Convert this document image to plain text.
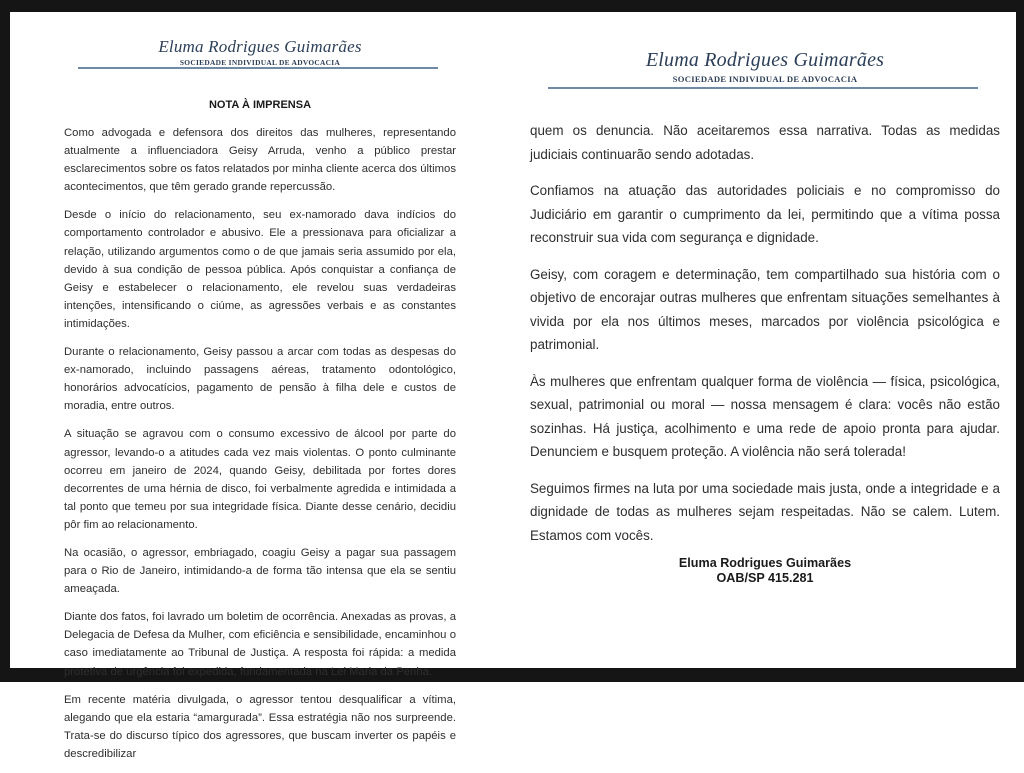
Eluma Rodrigues Guimarães
SOCIEDADE INDIVIDUAL DE ADVOCACIA	Eluma Rodrigues Guimarães
SOCIEDADE INDIVIDUAL DE ADVOCACIA
NOTA À IMPRENSA

Como advogada e defensora dos direitos das mulheres, representando atualmente a influenciadora Geisy Arruda, venho a público prestar esclarecimentos sobre os fatos relatados por minha cliente acerca dos últimos acontecimentos, que têm gerado grande repercussão.

Desde o início do relacionamento, seu ex-namorado dava indícios do comportamento controlador e abusivo. Ele a pressionava para oficializar a relação, utilizando argumentos como o de que jamais seria assumido por ela, devido à sua condição de pessoa pública. Após conquistar a confiança de Geisy e estabelecer o relacionamento, ele revelou suas verdadeiras intenções, intensificando o ciúme, as agressões verbais e as constantes intimidações.

Durante o relacionamento, Geisy passou a arcar com todas as despesas do ex-namorado, incluindo passagens aéreas, tratamento odontológico, honorários advocatícios, pagamento de pensão à filha dele e custos de moradia, entre outros.

A situação se agravou com o consumo excessivo de álcool por parte do agressor, levando-o a atitudes cada vez mais violentas. O ponto culminante ocorreu em janeiro de 2024, quando Geisy, debilitada por fortes dores decorrentes de uma hérnia de disco, foi verbalmente agredida e intimidada a tal ponto que temeu por sua integridade física. Diante desse cenário, decidiu pôr fim ao relacionamento.

Na ocasião, o agressor, embriagado, coagiu Geisy a pagar sua passagem para o Rio de Janeiro, intimidando-a de forma tão intensa que ela se sentiu ameaçada.

Diante dos fatos, foi lavrado um boletim de ocorrência. Anexadas as provas, a Delegacia de Defesa da Mulher, com eficiência e sensibilidade, encaminhou o caso imediatamente ao Tribunal de Justiça. A resposta foi rápida: a medida protetiva de urgência foi expedida, fundamentada na Lei Maria da Penha.

Em recente matéria divulgada, o agressor tentou desqualificar a vítima, alegando que ela estaria “amargurada”. Essa estratégia não nos surpreende. Trata-se do discurso típico dos agressores, que buscam inverter os papéis e descredibilizar

quem os denuncia. Não aceitaremos essa narrativa. Todas as medidas judiciais continuarão sendo adotadas.

Confiamos na atuação das autoridades policiais e no compromisso do Judiciário em garantir o cumprimento da lei, permitindo que a vítima possa reconstruir sua vida com segurança e dignidade.

Geisy, com coragem e determinação, tem compartilhado sua história com o objetivo de encorajar outras mulheres que enfrentam situações semelhantes à vivida por ela nos últimos meses, marcados por violência psicológica e patrimonial.

Às mulheres que enfrentam qualquer forma de violência — física, psicológica, sexual, patrimonial ou moral — nossa mensagem é clara: vocês não estão sozinhas. Há justiça, acolhimento e uma rede de apoio pronta para ajudar. Denunciem e busquem proteção. A violência não será tolerada!

Seguimos firmes na luta por uma sociedade mais justa, onde a integridade e a dignidade de todas as mulheres sejam respeitadas. Não se calem. Lutem. Estamos com vocês.

Eluma Rodrigues Guimarães
OAB/SP 415.281
